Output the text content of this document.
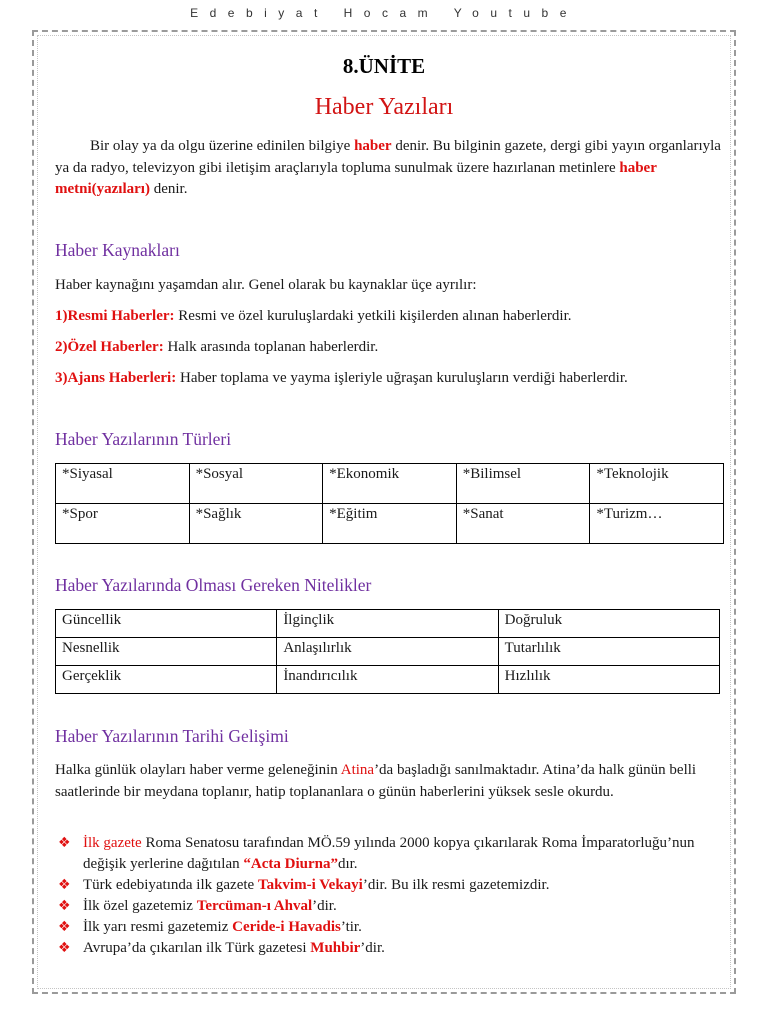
Edebiyat Hocam Youtube
8.ÜNİTE
Haber Yazıları
Bir olay ya da olgu üzerine edinilen bilgiye haber denir. Bu bilginin gazete, dergi gibi yayın organlarıyla ya da radyo, televizyon gibi iletişim araçlarıyla topluma sunulmak üzere hazırlanan metinlere haber metni(yazıları) denir.
Haber Kaynakları
Haber kaynağını yaşamdan alır. Genel olarak bu kaynaklar üçe ayrılır:
1)Resmi Haberler: Resmi ve özel kuruluşlardaki yetkili kişilerden alınan haberlerdir.
2)Özel Haberler: Halk arasında toplanan haberlerdir.
3)Ajans Haberleri: Haber toplama ve yayma işleriyle uğraşan kuruluşların verdiği haberlerdir.
Haber Yazılarının Türleri
*Siyasal	*Sosyal	*Ekonomik	*Bilimsel	*Teknolojik
*Spor	*Sağlık	*Eğitim	*Sanat	*Turizm…
Haber Yazılarında Olması Gereken Nitelikler
Güncellik	İlginçlik	Doğruluk
Nesnellik	Anlaşılırlık	Tutarlılık
Gerçeklik	İnandırıcılık	Hızlılık
Haber Yazılarının Tarihi Gelişimi
Halka günlük olayları haber verme geleneğinin Atina’da başladığı sanılmaktadır. Atina’da halk günün belli saatlerinde bir meydana toplanır, hatip toplananlara o günün haberlerini yüksek sesle okurdu.
❖ İlk gazete Roma Senatosu tarafından MÖ.59 yılında 2000 kopya çıkarılarak Roma İmparatorluğu’nun değişik yerlerine dağıtılan “Acta Diurna”dır.
❖ Türk edebiyatında ilk gazete Takvim-i Vekayi’dir. Bu ilk resmi gazetemizdir.
❖ İlk özel gazetemiz Tercüman-ı Ahval’dir.
❖ İlk yarı resmi gazetemiz Ceride-i Havadis’tir.
❖ Avrupa’da çıkarılan ilk Türk gazetesi Muhbir’dir.
